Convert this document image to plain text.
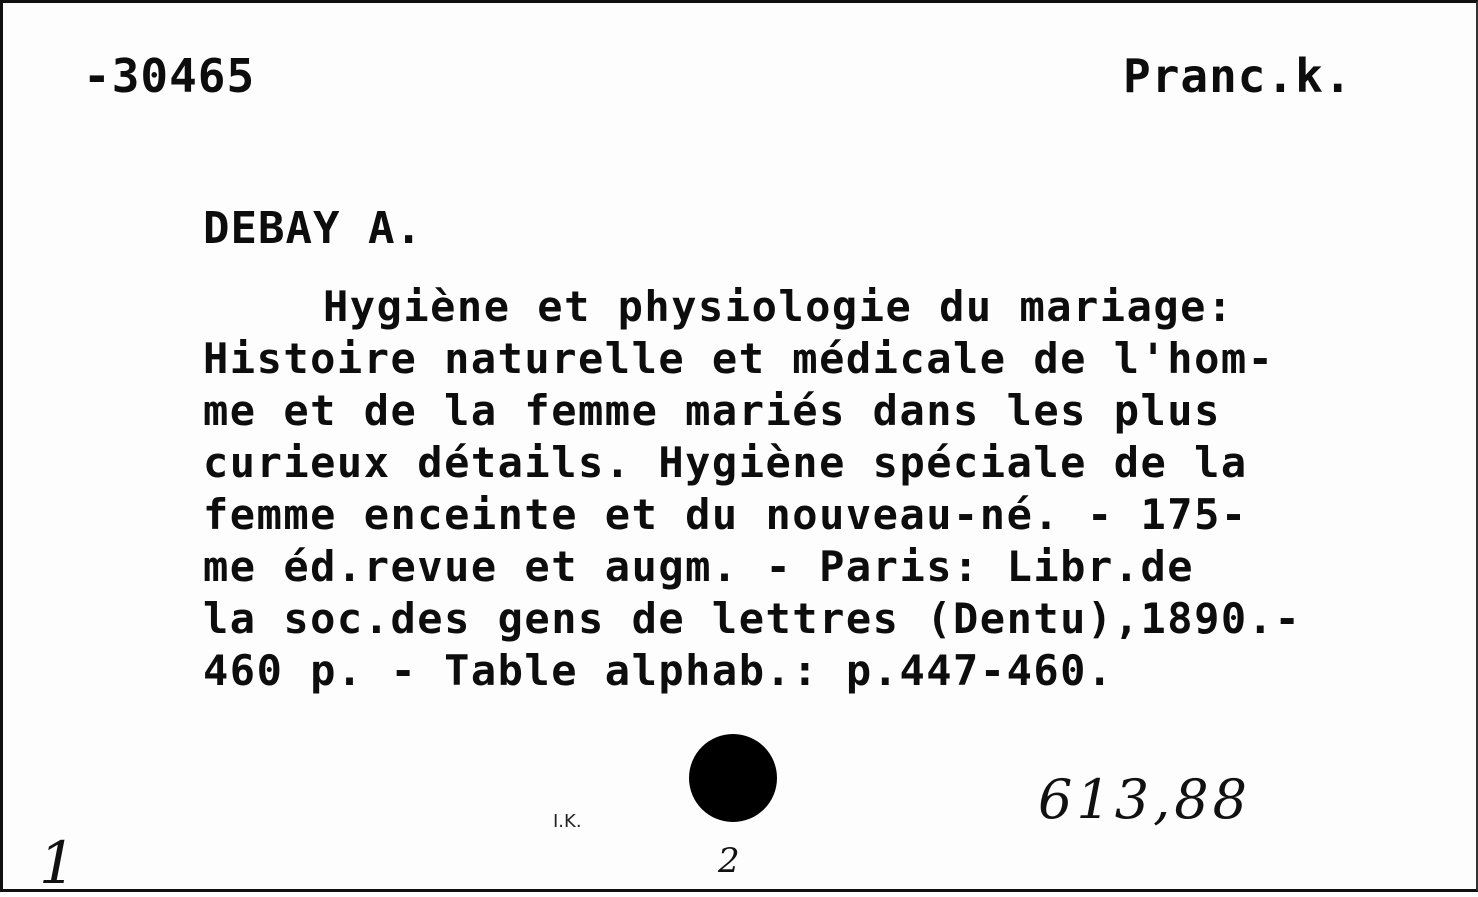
-30465	Pranc.k.
DEBAY A.
Hygiène et physiologie du mariage:
Histoire naturelle et médicale de l'hom-
me et de la femme mariés dans les plus
curieux détails. Hygiène spéciale de la
femme enceinte et du nouveau-né. - 175-
me éd.revue et augm. - Paris: Libr.de
la soc.des gens de lettres (Dentu),1890.-
460 p. - Table alphab.: p.447-460.
I.K.	613,88
1	2
